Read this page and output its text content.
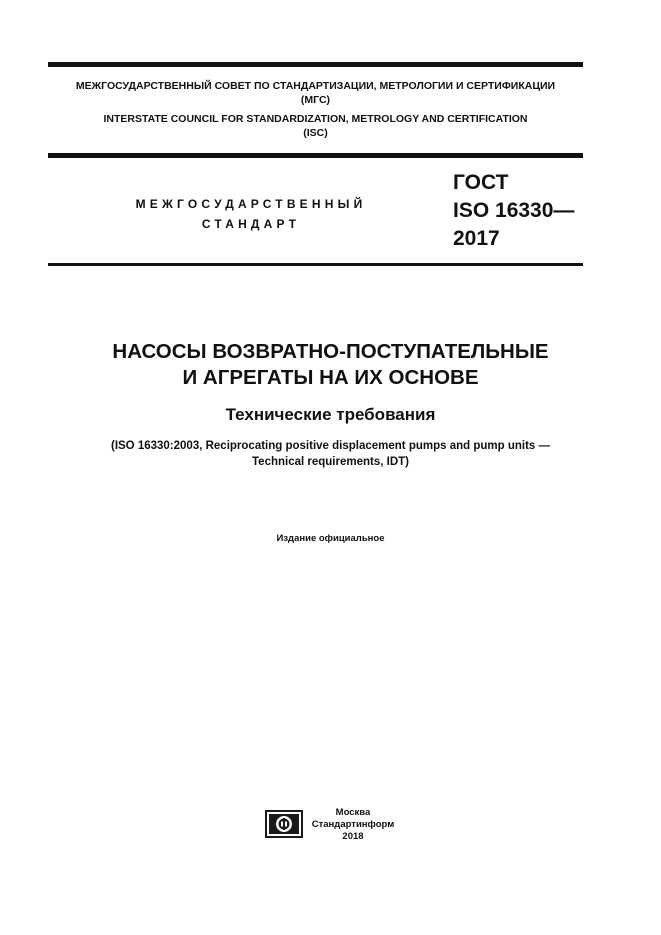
МЕЖГОСУДАРСТВЕННЫЙ СОВЕТ ПО СТАНДАРТИЗАЦИИ, МЕТРОЛОГИИ И СЕРТИФИКАЦИИ
(МГС)
INTERSTATE COUNCIL FOR STANDARDIZATION, METROLOGY AND CERTIFICATION
(ISC)
МЕЖГОСУДАРСТВЕННЫЙ
СТАНДАРТ
ГОСТ
ISO 16330—
2017
НАСОСЫ ВОЗВРАТНО-ПОСТУПАТЕЛЬНЫЕ
И АГРЕГАТЫ НА ИХ ОСНОВЕ
Технические требования
(ISO 16330:2003, Reciprocating positive displacement pumps and pump units —
Technical requirements, IDT)
Издание официальное
Москва
Стандартинформ
2018
